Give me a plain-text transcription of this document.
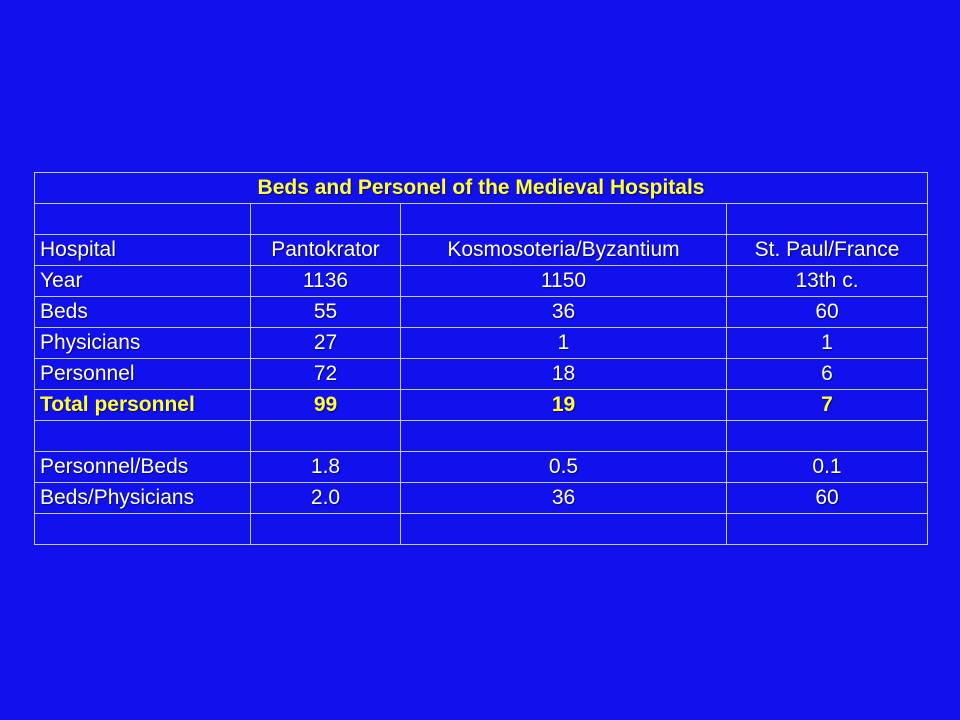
Beds and Personel of the Medieval Hospitals			

Hospital	Pantokrator	Kosmosoteria/Byzantium	St. Paul/France
Year	1136	1150	13th c.
Beds	55	36	60
Physicians	27	1	1
Personnel	72	18	6
Total personnel	99	19	7

Personnel/Beds	1.8	0.5	0.1
Beds/Physicians	2.0	36	60
